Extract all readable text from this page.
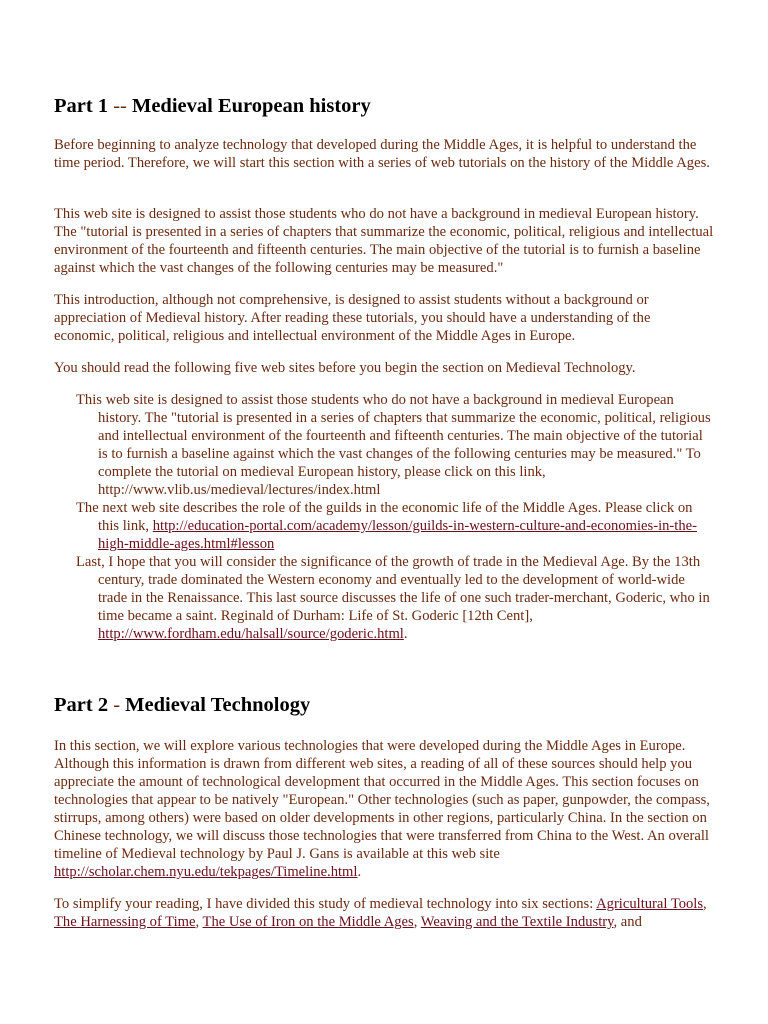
Part 1 -- Medieval European history

Before beginning to analyze technology that developed during the Middle Ages, it is helpful to understand the time period. Therefore, we will start this section with a series of web tutorials on the history of the Middle Ages.

This web site is designed to assist those students who do not have a background in medieval European history. The "tutorial is presented in a series of chapters that summarize the economic, political, religious and intellectual environment of the fourteenth and fifteenth centuries. The main objective of the tutorial is to furnish a baseline against which the vast changes of the following centuries may be measured."

This introduction, although not comprehensive, is designed to assist students without a background or appreciation of Medieval history. After reading these tutorials, you should have a understanding of the economic, political, religious and intellectual environment of the Middle Ages in Europe.

You should read the following five web sites before you begin the section on Medieval Technology.

This web site is designed to assist those students who do not have a background in medieval European history. The "tutorial is presented in a series of chapters that summarize the economic, political, religious and intellectual environment of the fourteenth and fifteenth centuries. The main objective of the tutorial is to furnish a baseline against which the vast changes of the following centuries may be measured." To complete the tutorial on medieval European history, please click on this link, http://www.vlib.us/medieval/lectures/index.html
The next web site describes the role of the guilds in the economic life of the Middle Ages. Please click on this link, http://education-portal.com/academy/lesson/guilds-in-western-culture-and-economies-in-the-high-middle-ages.html#lesson
Last, I hope that you will consider the significance of the growth of trade in the Medieval Age. By the 13th century, trade dominated the Western economy and eventually led to the development of world-wide trade in the Renaissance. This last source discusses the life of one such trader-merchant, Goderic, who in time became a saint. Reginald of Durham: Life of St. Goderic [12th Cent], http://www.fordham.edu/halsall/source/goderic.html.
Part 2 - Medieval Technology

In this section, we will explore various technologies that were developed during the Middle Ages in Europe. Although this information is drawn from different web sites, a reading of all of these sources should help you appreciate the amount of technological development that occurred in the Middle Ages. This section focuses on technologies that appear to be natively "European." Other technologies (such as paper, gunpowder, the compass, stirrups, among others) were based on older developments in other regions, particularly China. In the section on Chinese technology, we will discuss those technologies that were transferred from China to the West. An overall timeline of Medieval technology by Paul J. Gans is available at this web site http://scholar.chem.nyu.edu/tekpages/Timeline.html.

To simplify your reading, I have divided this study of medieval technology into six sections: Agricultural Tools, The Harnessing of Time, The Use of Iron on the Middle Ages, Weaving and the Textile Industry, and
